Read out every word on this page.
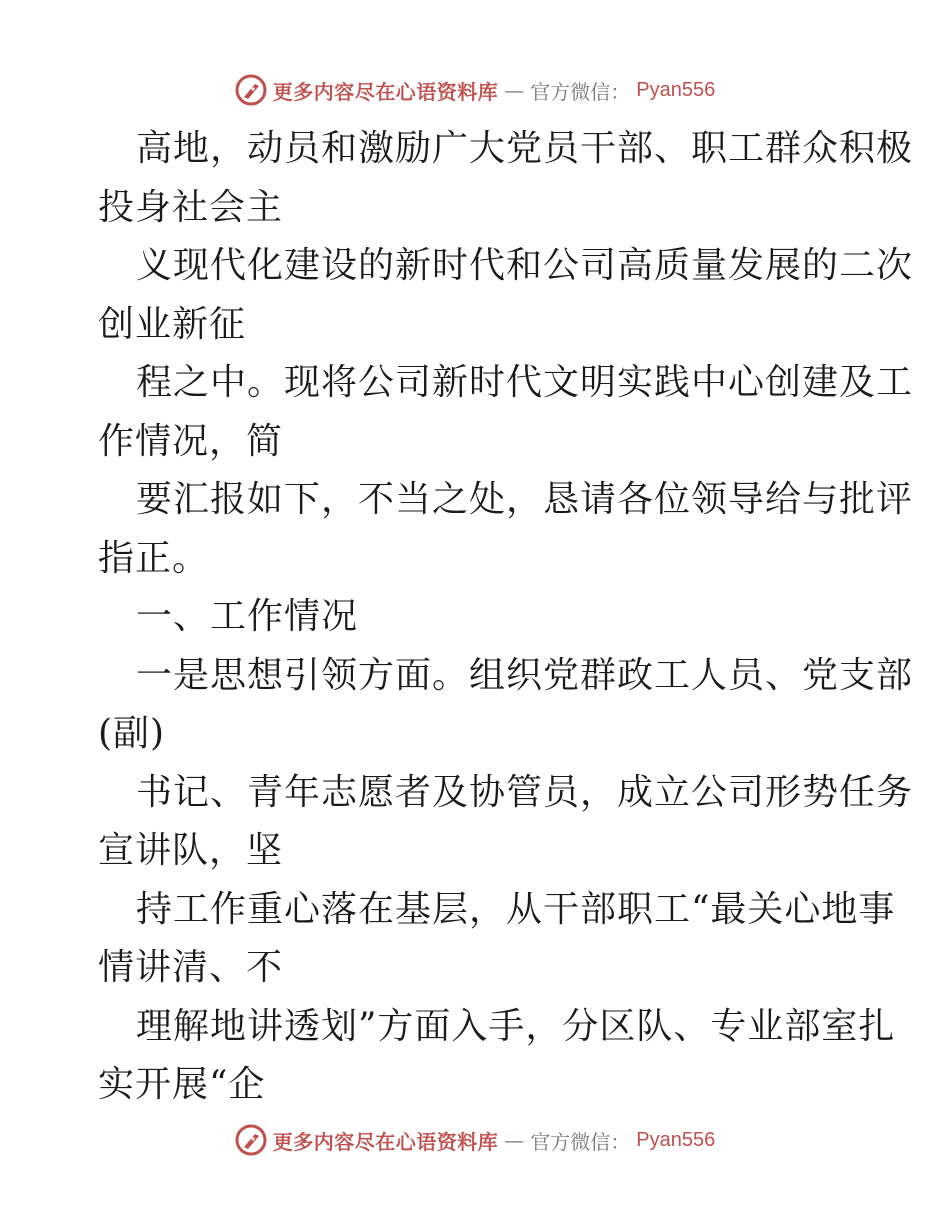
更多内容尽在心语资料库 — 官方微信： Pyan556
高地，动员和激励广大党员干部、职工群众积极
投身社会主
义现代化建设的新时代和公司高质量发展的二次
创业新征
程之中。现将公司新时代文明实践中心创建及工
作情况，简
要汇报如下，不当之处，恳请各位领导给与批评
指正。
一、工作情况
一是思想引领方面。组织党群政工人员、党支部
(副)
书记、青年志愿者及协管员，成立公司形势任务
宣讲队，坚
持工作重心落在基层，从干部职工“最关心地事
情讲清、不
理解地讲透划”方面入手，分区队、专业部室扎
实开展“企
更多内容尽在心语资料库 — 官方微信： Pyan556
